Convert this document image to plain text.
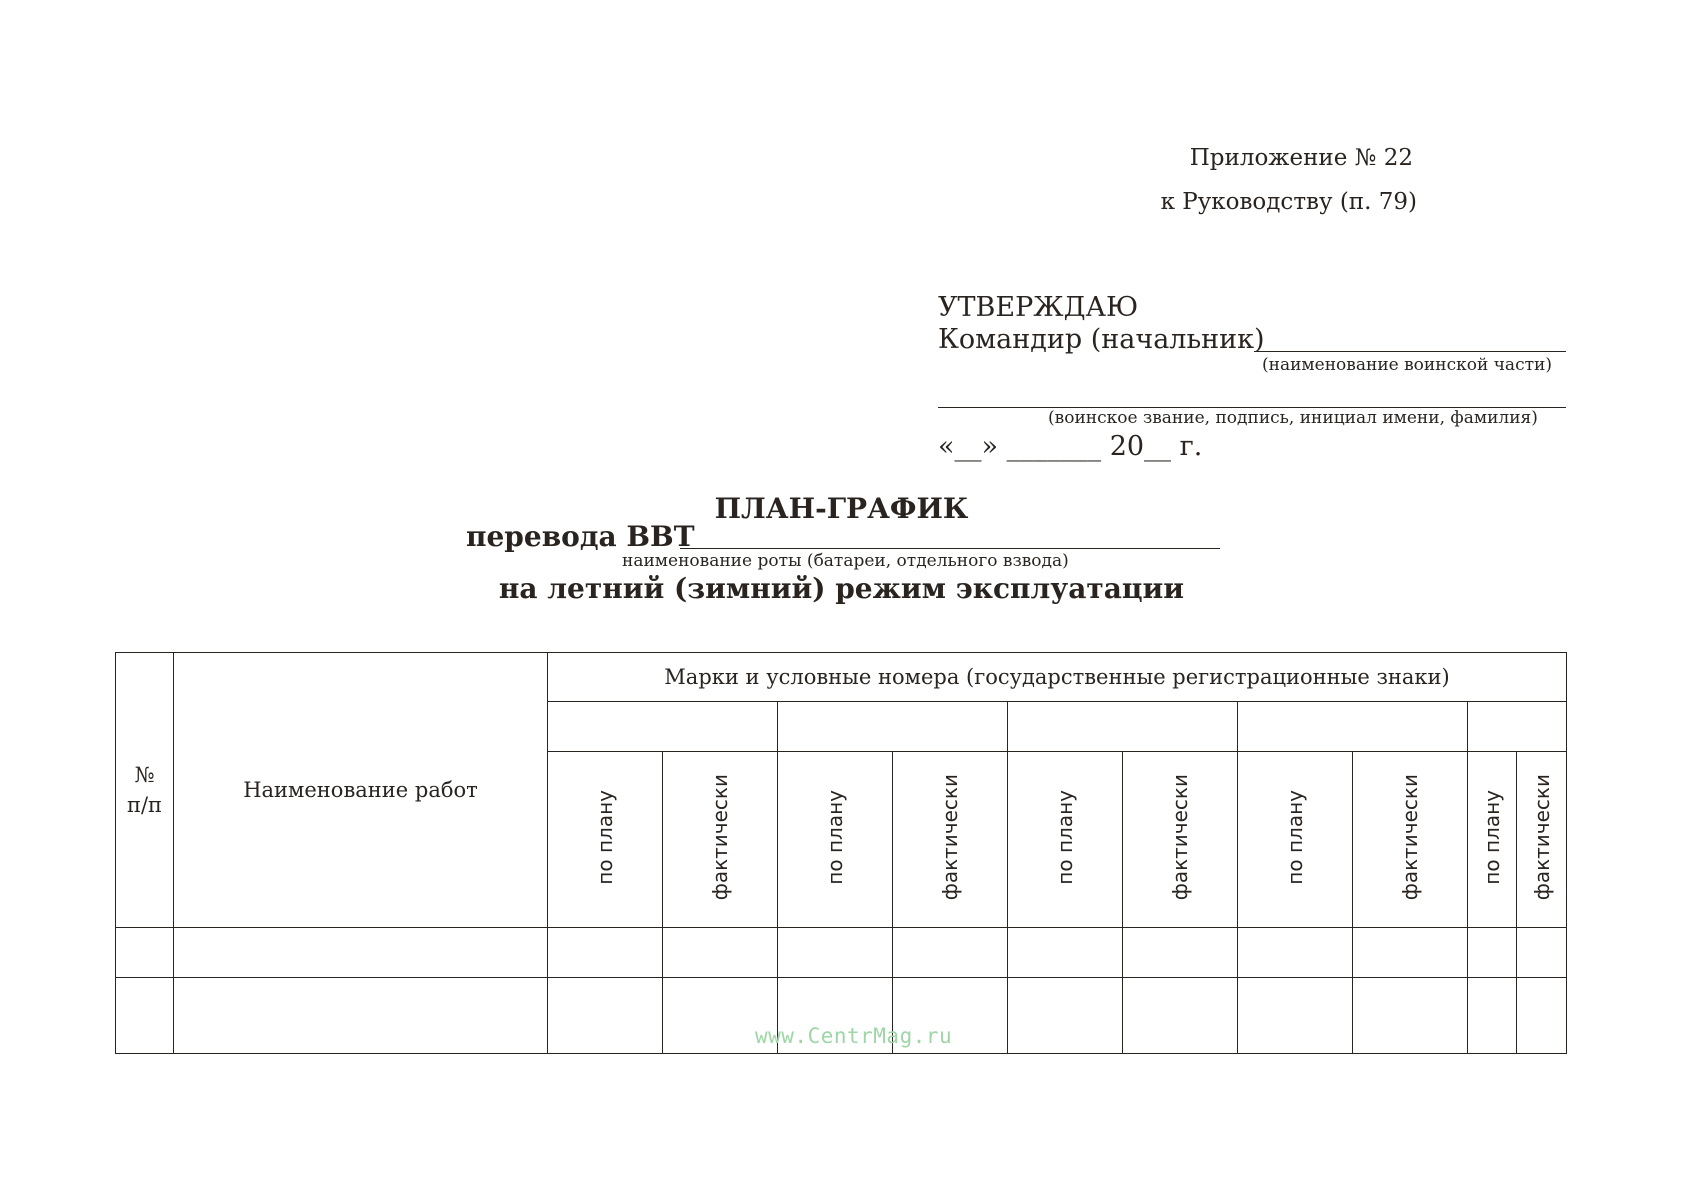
Приложение № 22
к Руководству (п. 79)
УТВЕРЖДАЮ
Командир (начальник)
(наименование воинской части)
(воинское звание, подпись, инициал имени, фамилия)
«__» _______ 20__ г.
ПЛАН-ГРАФИК
перевода ВВТ
наименование роты (батареи, отдельного взвода)
на летний (зимний) режим эксплуатации
№
п/п	Наименование работ	Марки и условные номера (государственные регистрационные знаки)									

		по плану	фактически	по плану	фактически	по плану	фактически	по плану	фактически	по плану	фактически

www.CentrMag.ru
